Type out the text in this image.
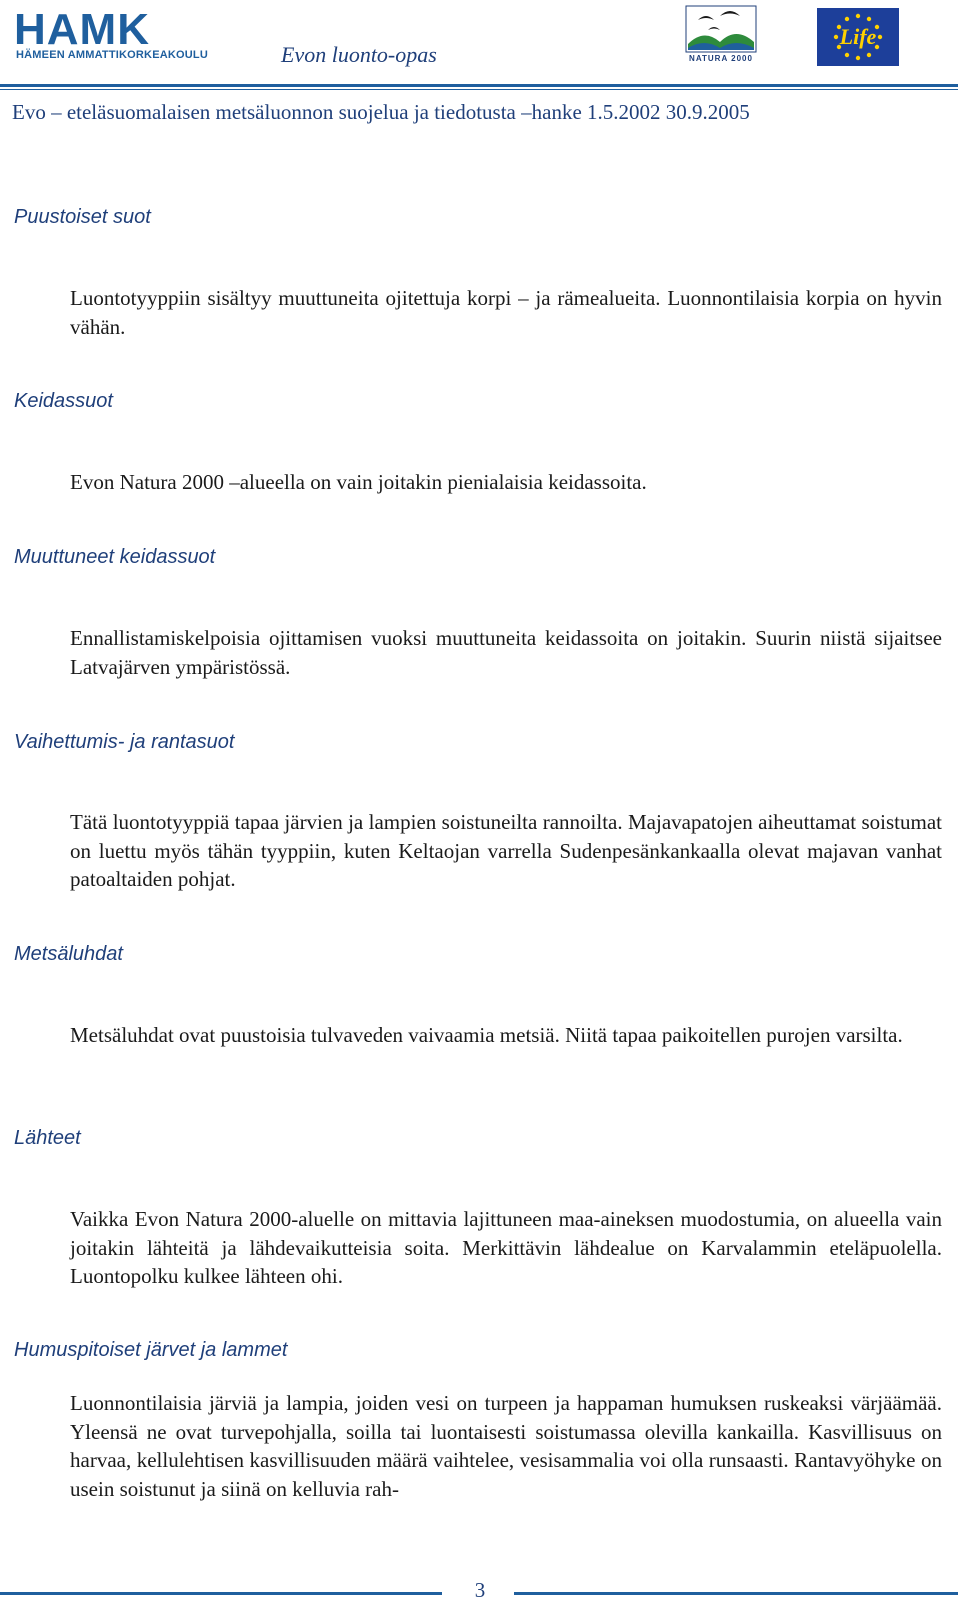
HAMK
HÄMEEN AMMATTIKORKEAKOULU	Evon luonto-opas	NATURA 2000
Life
Evo – eteläsuomalaisen metsäluonnon suojelua ja tiedotusta –hanke 1.5.2002 30.9.2005
Puustoiset suot
Luontotyyppiin sisältyy muuttuneita ojitettuja korpi – ja rämealueita. Luonnontilaisia korpia on hyvin vähän.
Keidassuot
Evon Natura 2000 –alueella on vain joitakin pienialaisia keidassoita.
Muuttuneet keidassuot
Ennallistamiskelpoisia ojittamisen vuoksi muuttuneita keidassoita on joitakin. Suurin niistä sijaitsee Latvajärven ympäristössä.
Vaihettumis- ja rantasuot
Tätä luontotyyppiä tapaa järvien ja lampien soistuneilta rannoilta. Majavapatojen aiheuttamat soistumat on luettu myös tähän tyyppiin, kuten Keltaojan varrella Sudenpesänkankaalla olevat majavan vanhat patoaltaiden pohjat.
Metsäluhdat
Metsäluhdat ovat puustoisia tulvaveden vaivaamia metsiä. Niitä tapaa paikoitellen purojen varsilta.
Lähteet
Vaikka Evon Natura 2000-aluelle on mittavia lajittuneen maa-aineksen muodostumia, on alueella vain joitakin lähteitä ja lähdevaikutteisia soita. Merkittävin lähdealue on Karvalammin eteläpuolella. Luontopolku kulkee lähteen ohi.
Humuspitoiset järvet ja lammet
Luonnontilaisia järviä ja lampia, joiden vesi on turpeen ja happaman humuksen ruskeaksi värjäämää. Yleensä ne ovat turvepohjalla, soilla tai luontaisesti soistumassa olevilla kankailla. Kasvillisuus on harvaa, kellulehtisen kasvillisuuden määrä vaihtelee, vesisammalia voi olla runsaasti. Rantavyöhyke on usein soistunut ja siinä on kelluvia rah-
3
